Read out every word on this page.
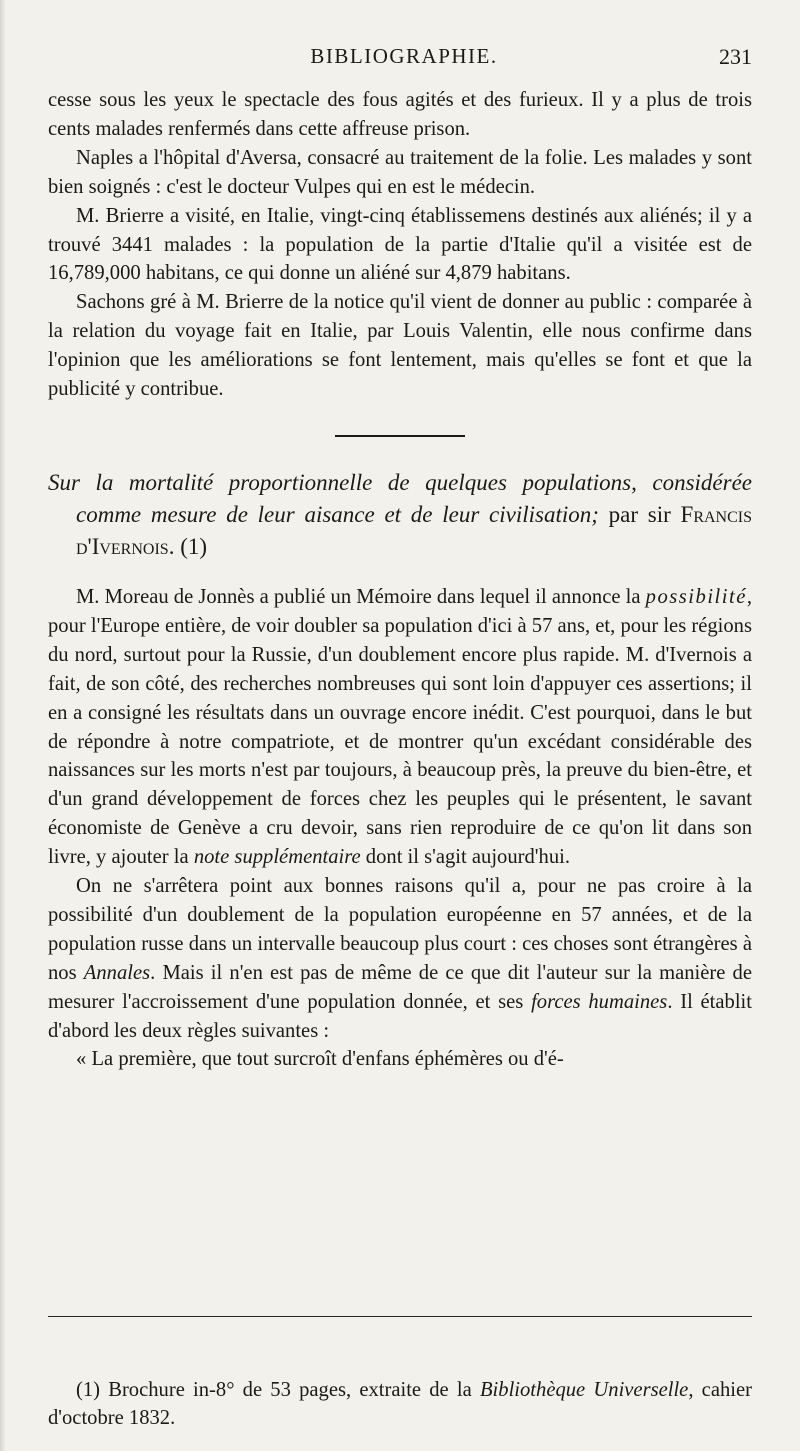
BIBLIOGRAPHIE.	231

cesse sous les yeux le spectacle des fous agités et des furieux. Il y a plus de trois cents malades renfermés dans cette affreuse prison.

Naples a l'hôpital d'Aversa, consacré au traitement de la folie. Les malades y sont bien soignés : c'est le docteur Vulpes qui en est le médecin.

M. Brierre a visité, en Italie, vingt-cinq établissemens destinés aux aliénés; il y a trouvé 3441 malades : la population de la partie d'Italie qu'il a visitée est de 16,789,000 habitans, ce qui donne un aliéné sur 4,879 habitans.

Sachons gré à M. Brierre de la notice qu'il vient de donner au public : comparée à la relation du voyage fait en Italie, par Louis Valentin, elle nous confirme dans l'opinion que les améliorations se font lentement, mais qu'elles se font et que la publicité y contribue.

Sur la mortalité proportionnelle de quelques populations, considérée comme mesure de leur aisance et de leur civilisation; par sir Francis d'Ivernois. (1)

M. Moreau de Jonnès a publié un Mémoire dans lequel il annonce la possibilité, pour l'Europe entière, de voir doubler sa population d'ici à 57 ans, et, pour les régions du nord, surtout pour la Russie, d'un doublement encore plus rapide. M. d'Ivernois a fait, de son côté, des recherches nombreuses qui sont loin d'appuyer ces assertions; il en a consigné les résultats dans un ouvrage encore inédit. C'est pourquoi, dans le but de répondre à notre compatriote, et de montrer qu'un excédant considérable des naissances sur les morts n'est par toujours, à beaucoup près, la preuve du bien-être, et d'un grand développement de forces chez les peuples qui le présentent, le savant économiste de Genève a cru devoir, sans rien reproduire de ce qu'on lit dans son livre, y ajouter la note supplémentaire dont il s'agit aujourd'hui.

On ne s'arrêtera point aux bonnes raisons qu'il a, pour ne pas croire à la possibilité d'un doublement de la population européenne en 57 années, et de la population russe dans un intervalle beaucoup plus court : ces choses sont étrangères à nos Annales. Mais il n'en est pas de même de ce que dit l'auteur sur la manière de mesurer l'accroissement d'une population donnée, et ses forces humaines. Il établit d'abord les deux règles suivantes :

« La première, que tout surcroît d'enfans éphémères ou d'é-

(1) Brochure in-8° de 53 pages, extraite de la Bibliothèque Universelle, cahier d'octobre 1832.
